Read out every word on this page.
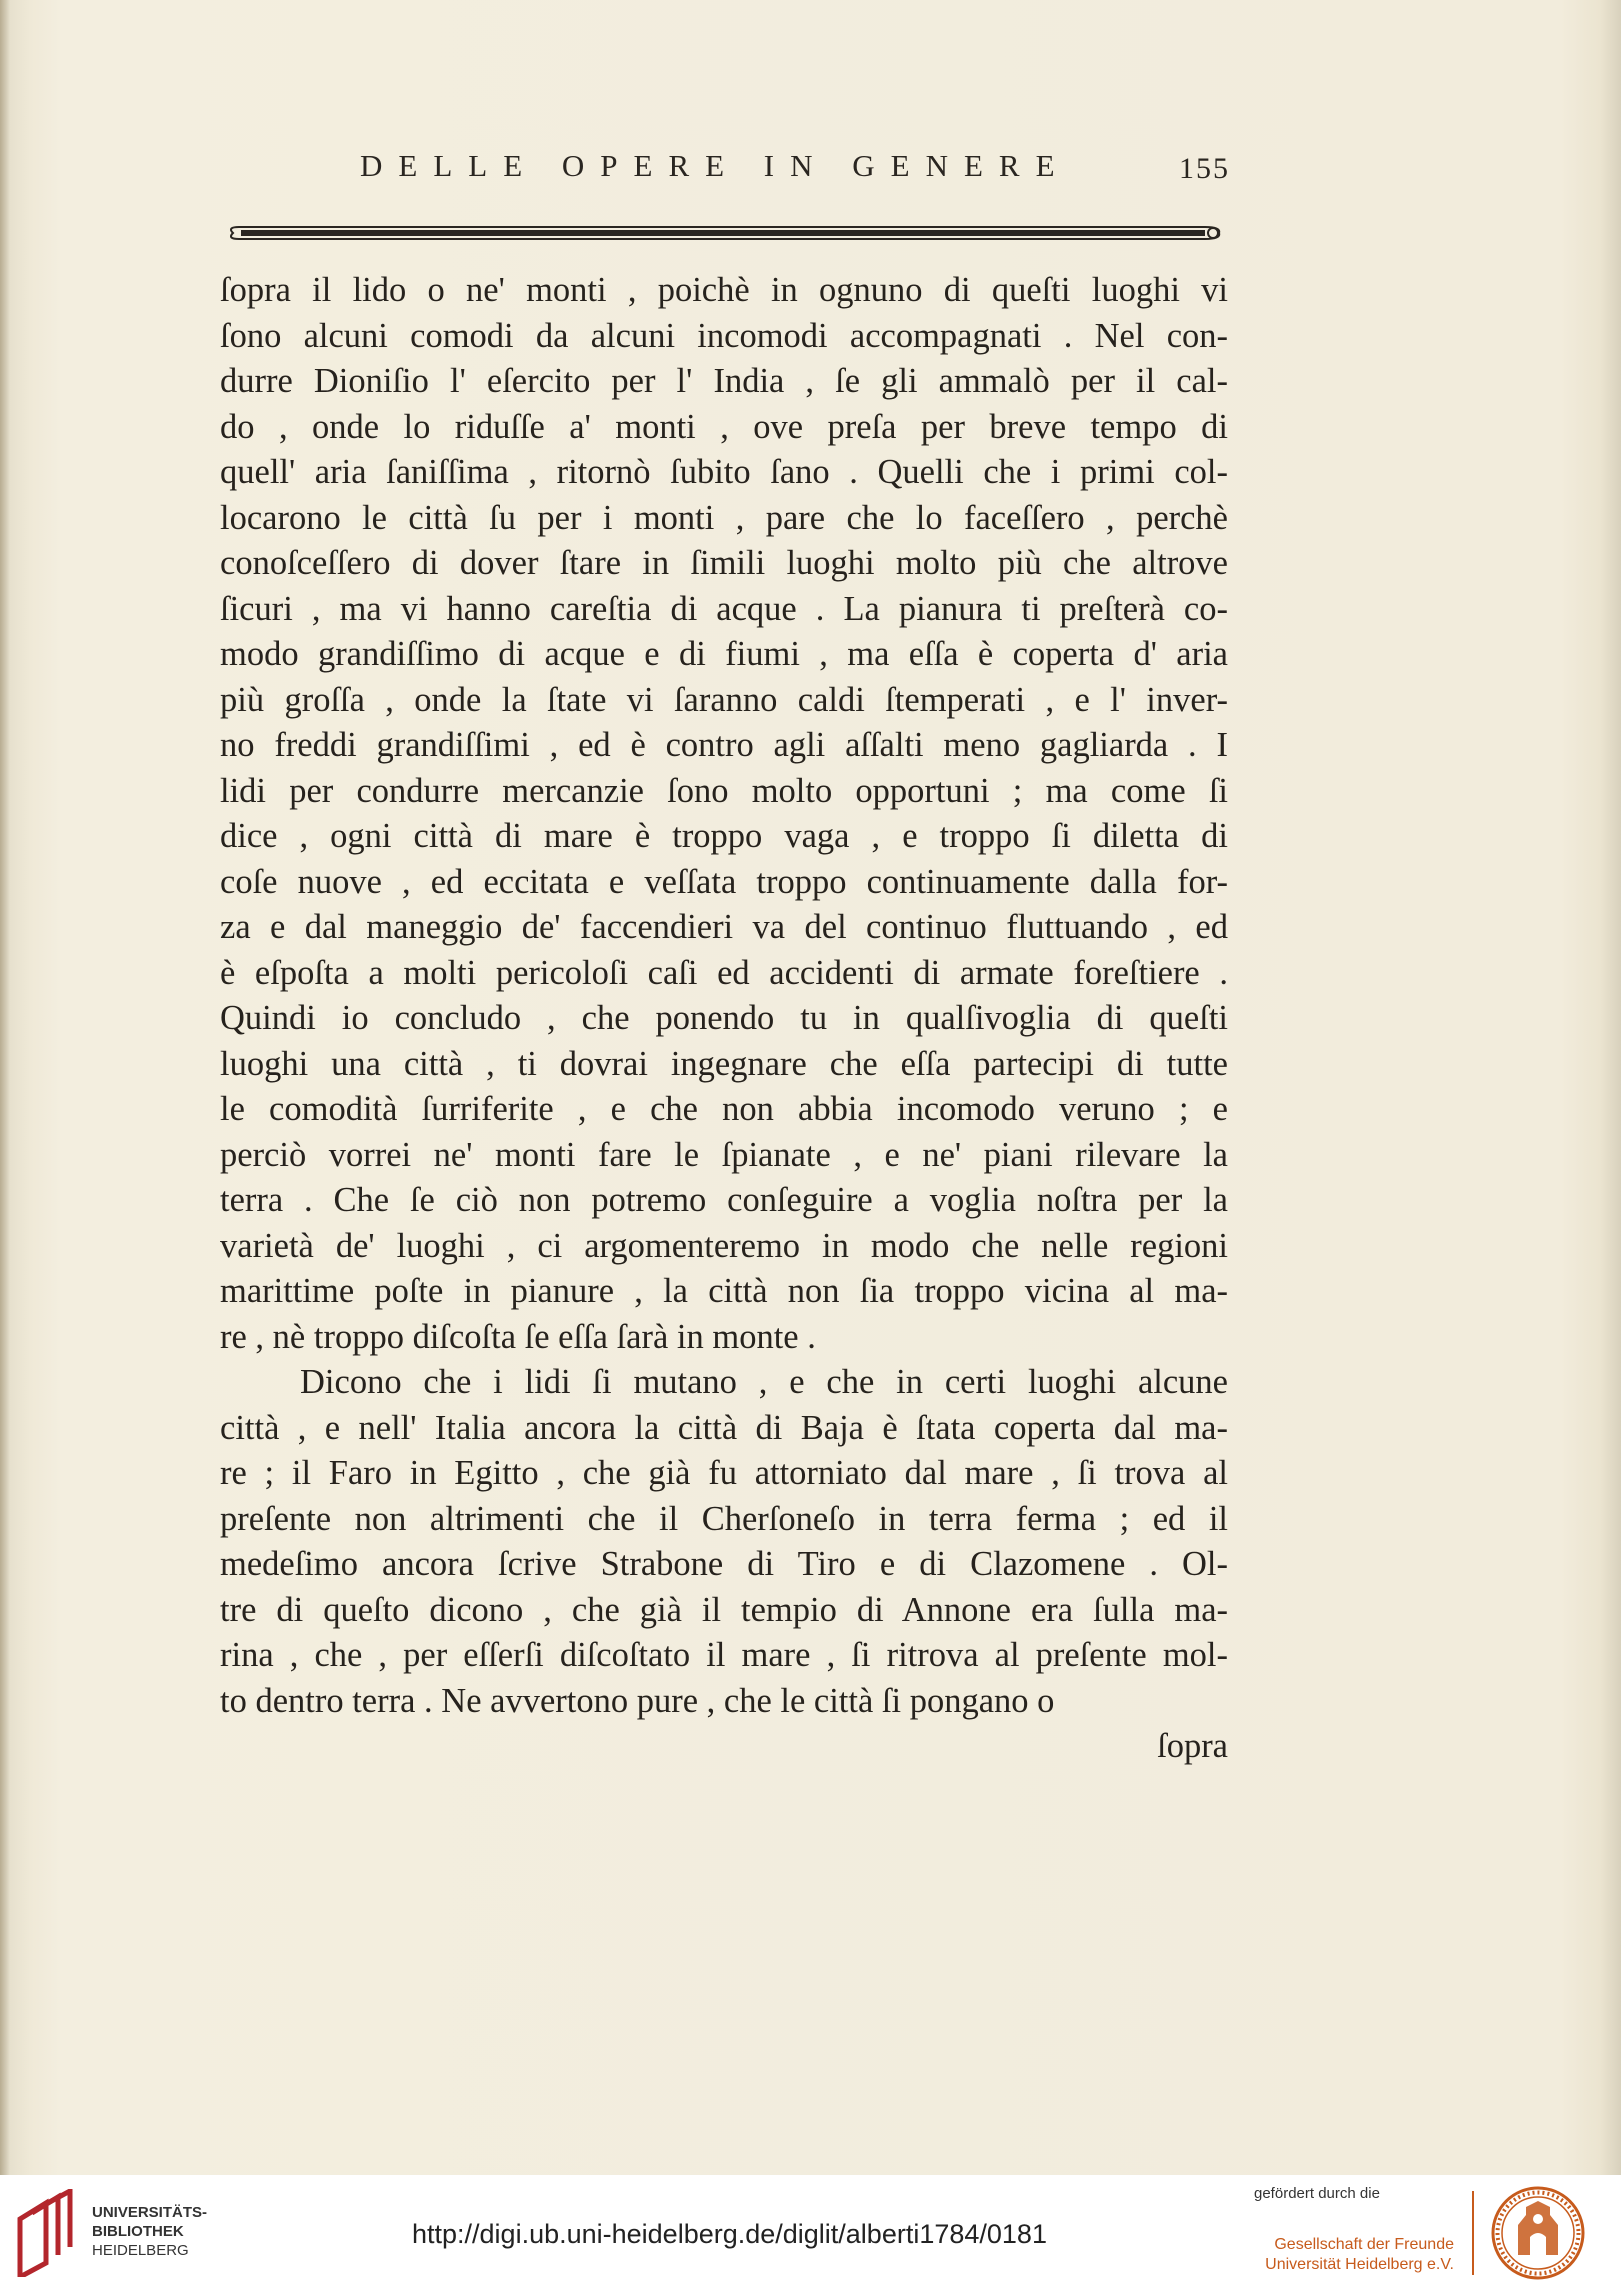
DELLE OPERE IN GENERE	155
ſopra il lido o ne' monti , poichè in ognuno di queſti luoghi vi
ſono alcuni comodi da alcuni incomodi accompagnati . Nel con-
durre Dioniſio l' eſercito per l' India , ſe gli ammalò per il cal-
do , onde lo riduſſe a' monti , ove preſa per breve tempo di
quell' aria ſaniſſima , ritornò ſubito ſano . Quelli che i primi col-
locarono le città ſu per i monti , pare che lo faceſſero , perchè
conoſceſſero di dover ſtare in ſimili luoghi molto più che altrove
ſicuri , ma vi hanno careſtia di acque . La pianura ti preſterà co-
modo grandiſſimo di acque e di fiumi , ma eſſa è coperta d' aria
più groſſa , onde la ſtate vi ſaranno caldi ſtemperati , e l' inver-
no freddi grandiſſimi , ed è contro agli aſſalti meno gagliarda . I
lidi per condurre mercanzie ſono molto opportuni ; ma come ſi
dice , ogni città di mare è troppo vaga , e troppo ſi diletta di
coſe nuove , ed eccitata e veſſata troppo continuamente dalla for-
za e dal maneggio de' faccendieri va del continuo fluttuando , ed
è eſpoſta a molti pericoloſi caſi ed accidenti di armate foreſtiere .
Quindi io concludo , che ponendo tu in qualſivoglia di queſti
luoghi una città , ti dovrai ingegnare che eſſa partecipi di tutte
le comodità ſurriferite , e che non abbia incomodo veruno ; e
perciò vorrei ne' monti fare le ſpianate , e ne' piani rilevare la
terra . Che ſe ciò non potremo conſeguire a voglia noſtra per la
varietà de' luoghi , ci argomenteremo in modo che nelle regioni
marittime poſte in pianure , la città non ſia troppo vicina al ma-
re , nè troppo diſcoſta ſe eſſa ſarà in monte .
Dicono che i lidi ſi mutano , e che in certi luoghi alcune
città , e nell' Italia ancora la città di Baja è ſtata coperta dal ma-
re ; il Faro in Egitto , che già fu attorniato dal mare , ſi trova al
preſente non altrimenti che il Cherſoneſo in terra ferma ; ed il
medeſimo ancora ſcrive Strabone di Tiro e di Clazomene . Ol-
tre di queſto dicono , che già il tempio di Annone era ſulla ma-
rina , che , per eſſerſi diſcoſtato il mare , ſi ritrova al preſente mol-
to dentro terra . Ne avvertono pure , che le città ſi pongano o
ſopra
UNIVERSITÄTS-
BIBLIOTHEK
HEIDELBERG
http://digi.ub.uni-heidelberg.de/diglit/alberti1784/0181
gefördert durch die
Gesellschaft der Freunde
Universität Heidelberg e.V.
